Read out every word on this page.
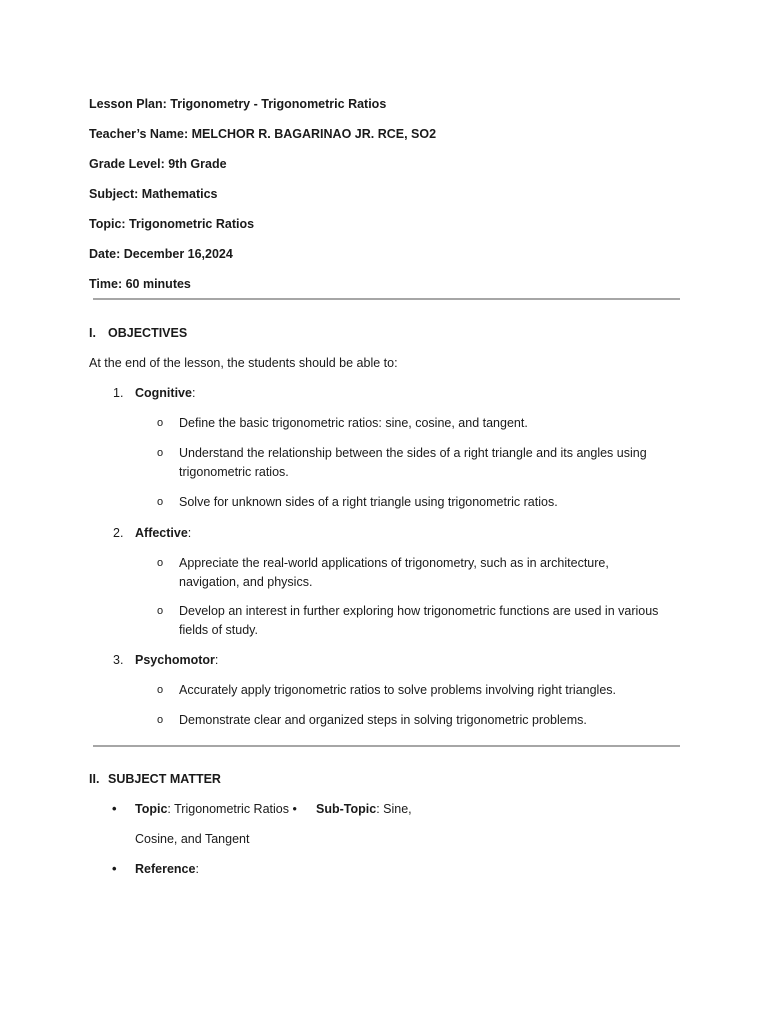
Lesson Plan: Trigonometry - Trigonometric Ratios
Teacher’s Name: MELCHOR R. BAGARINAO JR. RCE, SO2
Grade Level: 9th Grade
Subject: Mathematics
Topic: Trigonometric Ratios
Date: December 16,2024
Time: 60 minutes
I. OBJECTIVES
At the end of the lesson, the students should be able to:
1. Cognitive:
o Define the basic trigonometric ratios: sine, cosine, and tangent.
o Understand the relationship between the sides of a right triangle and its angles using
trigonometric ratios.
o Solve for unknown sides of a right triangle using trigonometric ratios.
2. Affective:
o Appreciate the real-world applications of trigonometry, such as in architecture,
navigation, and physics.
o Develop an interest in further exploring how trigonometric functions are used in various
fields of study.
3. Psychomotor:
o Accurately apply trigonometric ratios to solve problems involving right triangles.
o Demonstrate clear and organized steps in solving trigonometric problems.
II. SUBJECT MATTER
• Topic: Trigonometric Ratios • Sub-Topic: Sine,
Cosine, and Tangent
• Reference:
